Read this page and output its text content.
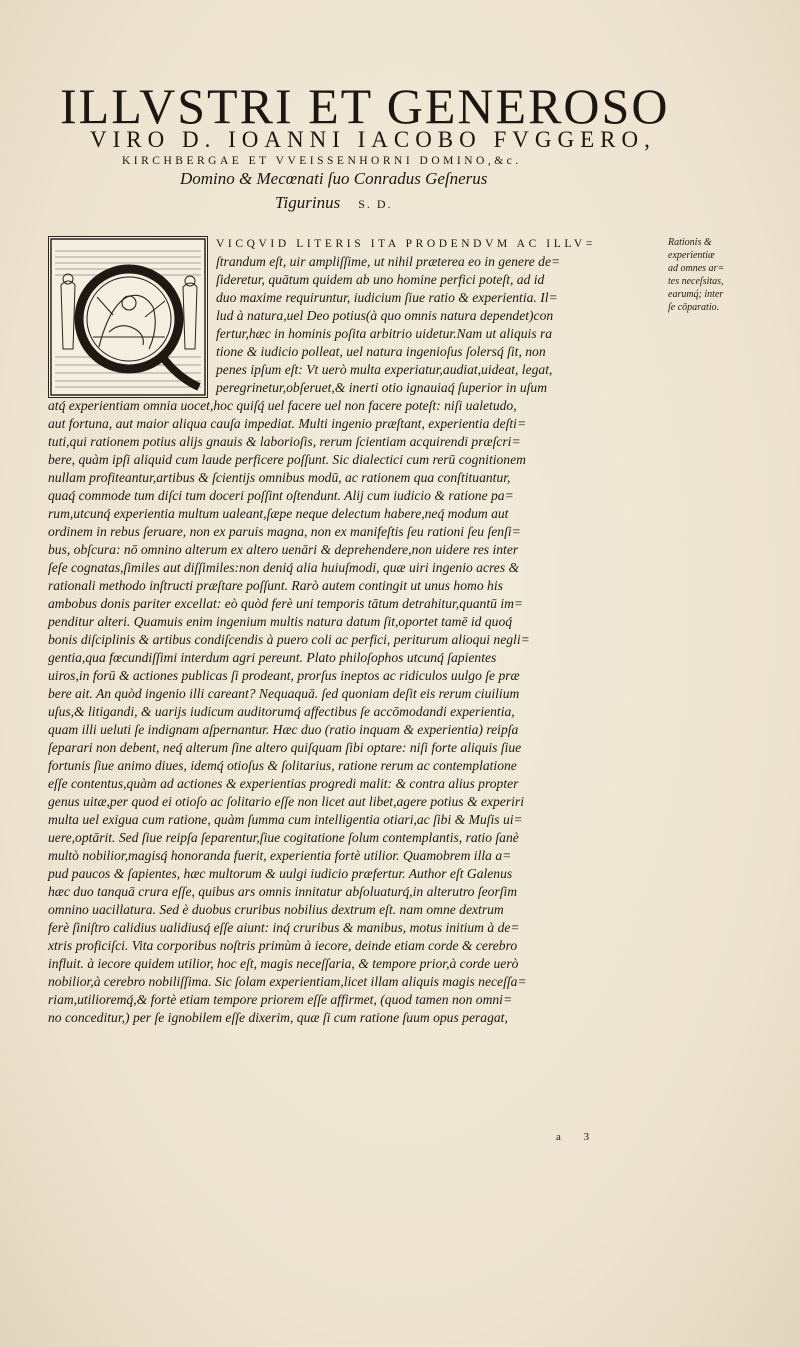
ILLVSTRI ET GENEROSO
VIRO D. IOANNI IACOBO FVGGERO,
KIRCHBERGAE ET VVEISSENHORNI DOMINO,&c.
Domino & Mecœnati ſuo Conradus Geſnerus
Tigurinus S. D.
VICQVID LITERIS ITA PRODENDVM AC ILLV=
ſtrandum eſt, uir ampliſſime, ut nihil præterea eo in genere de=
ſideretur, quātum quidem ab uno homine perfici poteſt, ad id
duo maxime requiruntur, iudicium ſiue ratio & experientia. Il=
lud à natura,uel Deo potius(à quo omnis natura dependet)con
fertur,hæc in hominis poſita arbitrio uidetur.Nam ut aliquis ra
tione & iudicio polleat, uel natura ingenioſus ſolersq́ ſit, non
penes ipſum eſt: Vt uerò multa experiatur,audiat,uideat, legat,
peregrinetur,obſeruet,& inerti otio ignauiaq́ ſuperior in uſum
atq́ experientiam omnia uocet,hoc quiſq́ uel facere uel non facere poteſt: niſi ualetudo,
aut fortuna, aut maior aliqua cauſa impediat. Multi ingenio præſtant, experientia deſti=
tuti,qui rationem potius alijs gnauis & laborioſis, rerum ſcientiam acquirendi præſcri=
bere, quàm ipſi aliquid cum laude perficere poſſunt. Sic dialectici cum rerū cognitionem
nullam profiteantur,artibus & ſcientijs omnibus modū, ac rationem qua conſtituantur,
quaq́ commode tum diſci tum doceri poſſint oſtendunt. Alij cum iudicio & ratione pa=
rum,utcunq́ experientia multum ualeant,ſæpe neque delectum habere,neq́ modum aut
ordinem in rebus ſeruare, non ex paruis magna, non ex manifeſtis ſeu rationi ſeu ſenſi=
bus, obſcura: nō omnino alterum ex altero uenāri & deprehendere,non uidere res inter
ſeſe cognatas,ſimiles aut diſſimiles:non deniq́ alia huiuſmodi, quæ uiri ingenio acres &
rationali methodo inſtructi præſtare poſſunt. Rarò autem contingit ut unus homo his
ambobus donis pariter excellat: eò quòd ferè uni temporis tātum detrahitur,quantū im=
penditur alteri. Quamuis enim ingenium multis natura datum ſit,oportet tamē id quoq́
bonis diſciplinis & artibus condiſcendis à puero coli ac perfici, periturum alioqui negli=
gentia,qua fœcundiſſimi interdum agri pereunt. Plato philoſophos utcunq́ ſapientes
uiros,in forū & actiones publicas ſi prodeant, prorſus ineptos ac ridiculos uulgo ſe præ
bere ait. An quòd ingenio illi careant? Nequaquā. ſed quoniam deſit eis rerum ciuilium
uſus,& litigandi, & uarijs iudicum auditorumq́ affectibus ſe accōmodandi experientia,
quam illi ueluti ſe indignam aſpernantur. Hæc duo (ratio inquam & experientia) reipſa
ſeparari non debent, neq́ alterum ſine altero quiſquam ſibi optare: niſi forte aliquis ſiue
fortunis ſiue animo diues, idemq́ otioſus & ſolitarius, ratione rerum ac contemplatione
eſſe contentus,quàm ad actiones & experientias progredi malit: & contra alius propter
genus uitæ,per quod ei otioſo ac ſolitario eſſe non licet aut libet,agere potius & experiri
multa uel exigua cum ratione, quàm ſumma cum intelligentia otiari,ac ſibi & Muſis ui=
uere,optārit. Sed ſiue reipſa ſeparentur,ſiue cogitatione ſolum contemplantis, ratio ſanè
multò nobilior,magisq́ honoranda fuerit, experientia fortè utilior. Quamobrem illa a=
pud paucos & ſapientes, hæc multorum & uulgi iudicio præfertur. Author eſt Galenus
hæc duo tanquā crura eſſe, quibus ars omnis innitatur abſoluaturq́,in alterutro ſeorſim
omnino uacillatura. Sed è duobus cruribus nobilius dextrum eſt. nam omne dextrum
ferè ſiniſtro calidius ualidiusq́ eſſe aiunt: inq́ cruribus & manibus, motus initium à de=
xtris proficiſci. Vita corporibus noſtris primùm à iecore, deinde etiam corde & cerebro
influit. à iecore quidem utilior, hoc eſt, magis neceſſaria, & tempore prior,à corde uerò
nobilior,à cerebro nobiliſſima. Sic ſolam experientiam,licet illam aliquis magis neceſſa=
riam,utilioremq́,& fortè etiam tempore priorem eſſe affirmet, (quod tamen non omni=
no conceditur,) per ſe ignobilem eſſe dixerim, quæ ſi cum ratione ſuum opus peragat,
Rationis &
experientiæ
ad omnes ar=
tes neceſsitas,
earumq́; inter
ſe cōparatio.
a 3
